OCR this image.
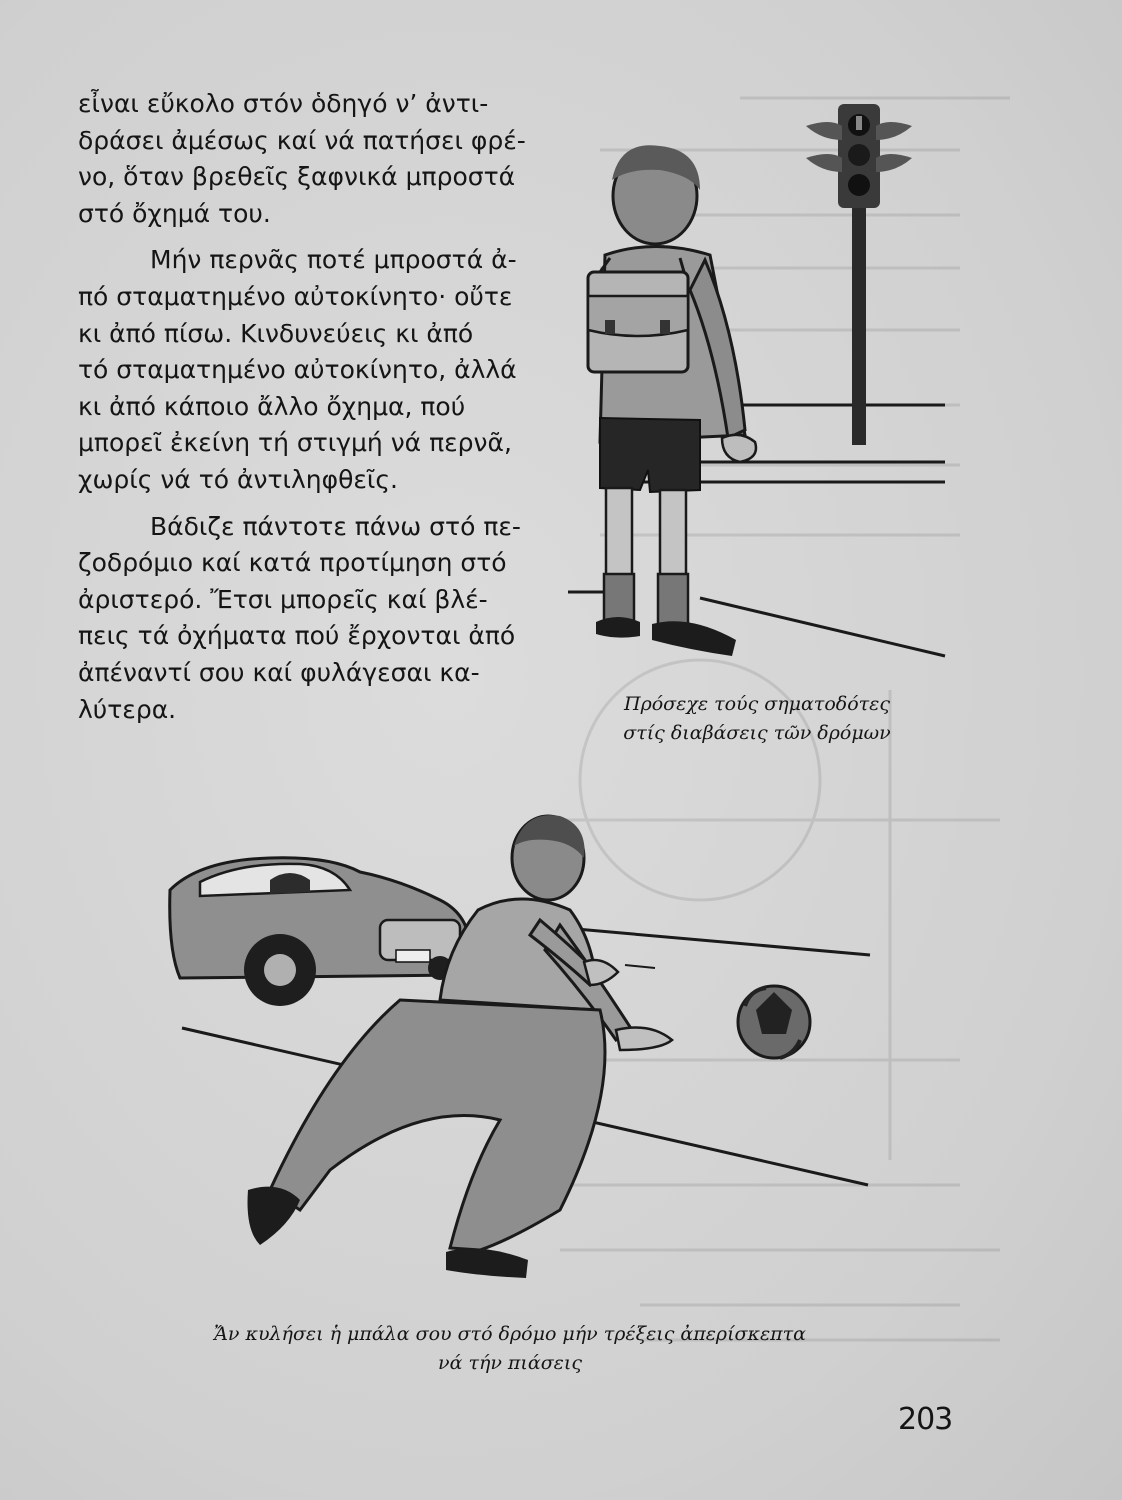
εἶναι εὔκολο στόν ὁδηγό ν’ ἀντι-
δράσει ἀμέσως καί νά πατήσει φρέ-
νο, ὅταν βρεθεῖς ξαφνικά μπροστά
στό ὄχημά του.

Μήν περνᾶς ποτέ μπροστά ἀ-
πό σταματημένο αὐτοκίνητο· οὔτε
κι ἀπό πίσω. Κινδυνεύεις κι ἀπό
τό σταματημένο αὐτοκίνητο, ἀλλά
κι ἀπό κάποιο ἄλλο ὄχημα, πού
μπορεῖ ἐκείνη τή στιγμή νά περνᾶ,
χωρίς νά τό ἀντιληφθεῖς.

Βάδιζε πάντοτε πάνω στό πε-
ζοδρόμιο καί κατά προτίμηση στό
ἀριστερό. Ἔτσι μπορεῖς καί βλέ-
πεις τά ὀχήματα πού ἔρχονται ἀπό
ἀπέναντί σου καί φυλάγεσαι κα-
λύτερα.	Πρόσεχε τούς σηματοδότες
στίς διαβάσεις τῶν δρόμων
Ἄν κυλήσει ἡ μπάλα σου στό δρόμο μήν τρέξεις ἀπερίσκεπτα
νά τήν πιάσεις
203
